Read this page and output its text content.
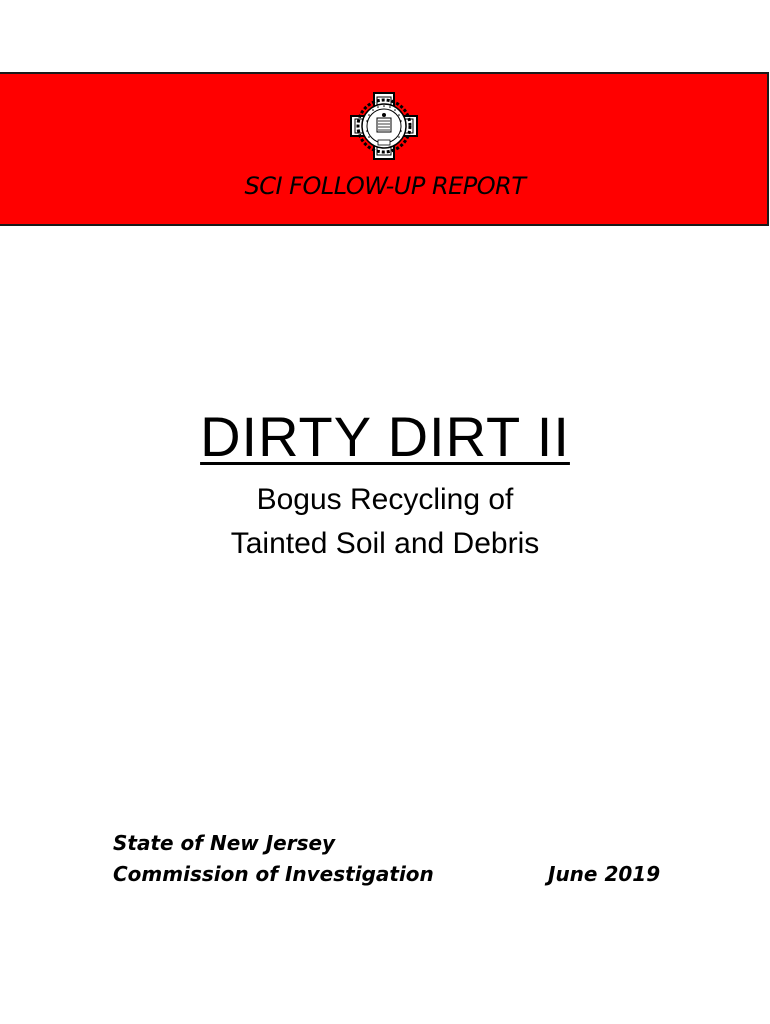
SCI FOLLOW-UP REPORT
DIRTY DIRT II
Bogus Recycling of
Tainted Soil and Debris
State of New Jersey
Commission of Investigation	June 2019
